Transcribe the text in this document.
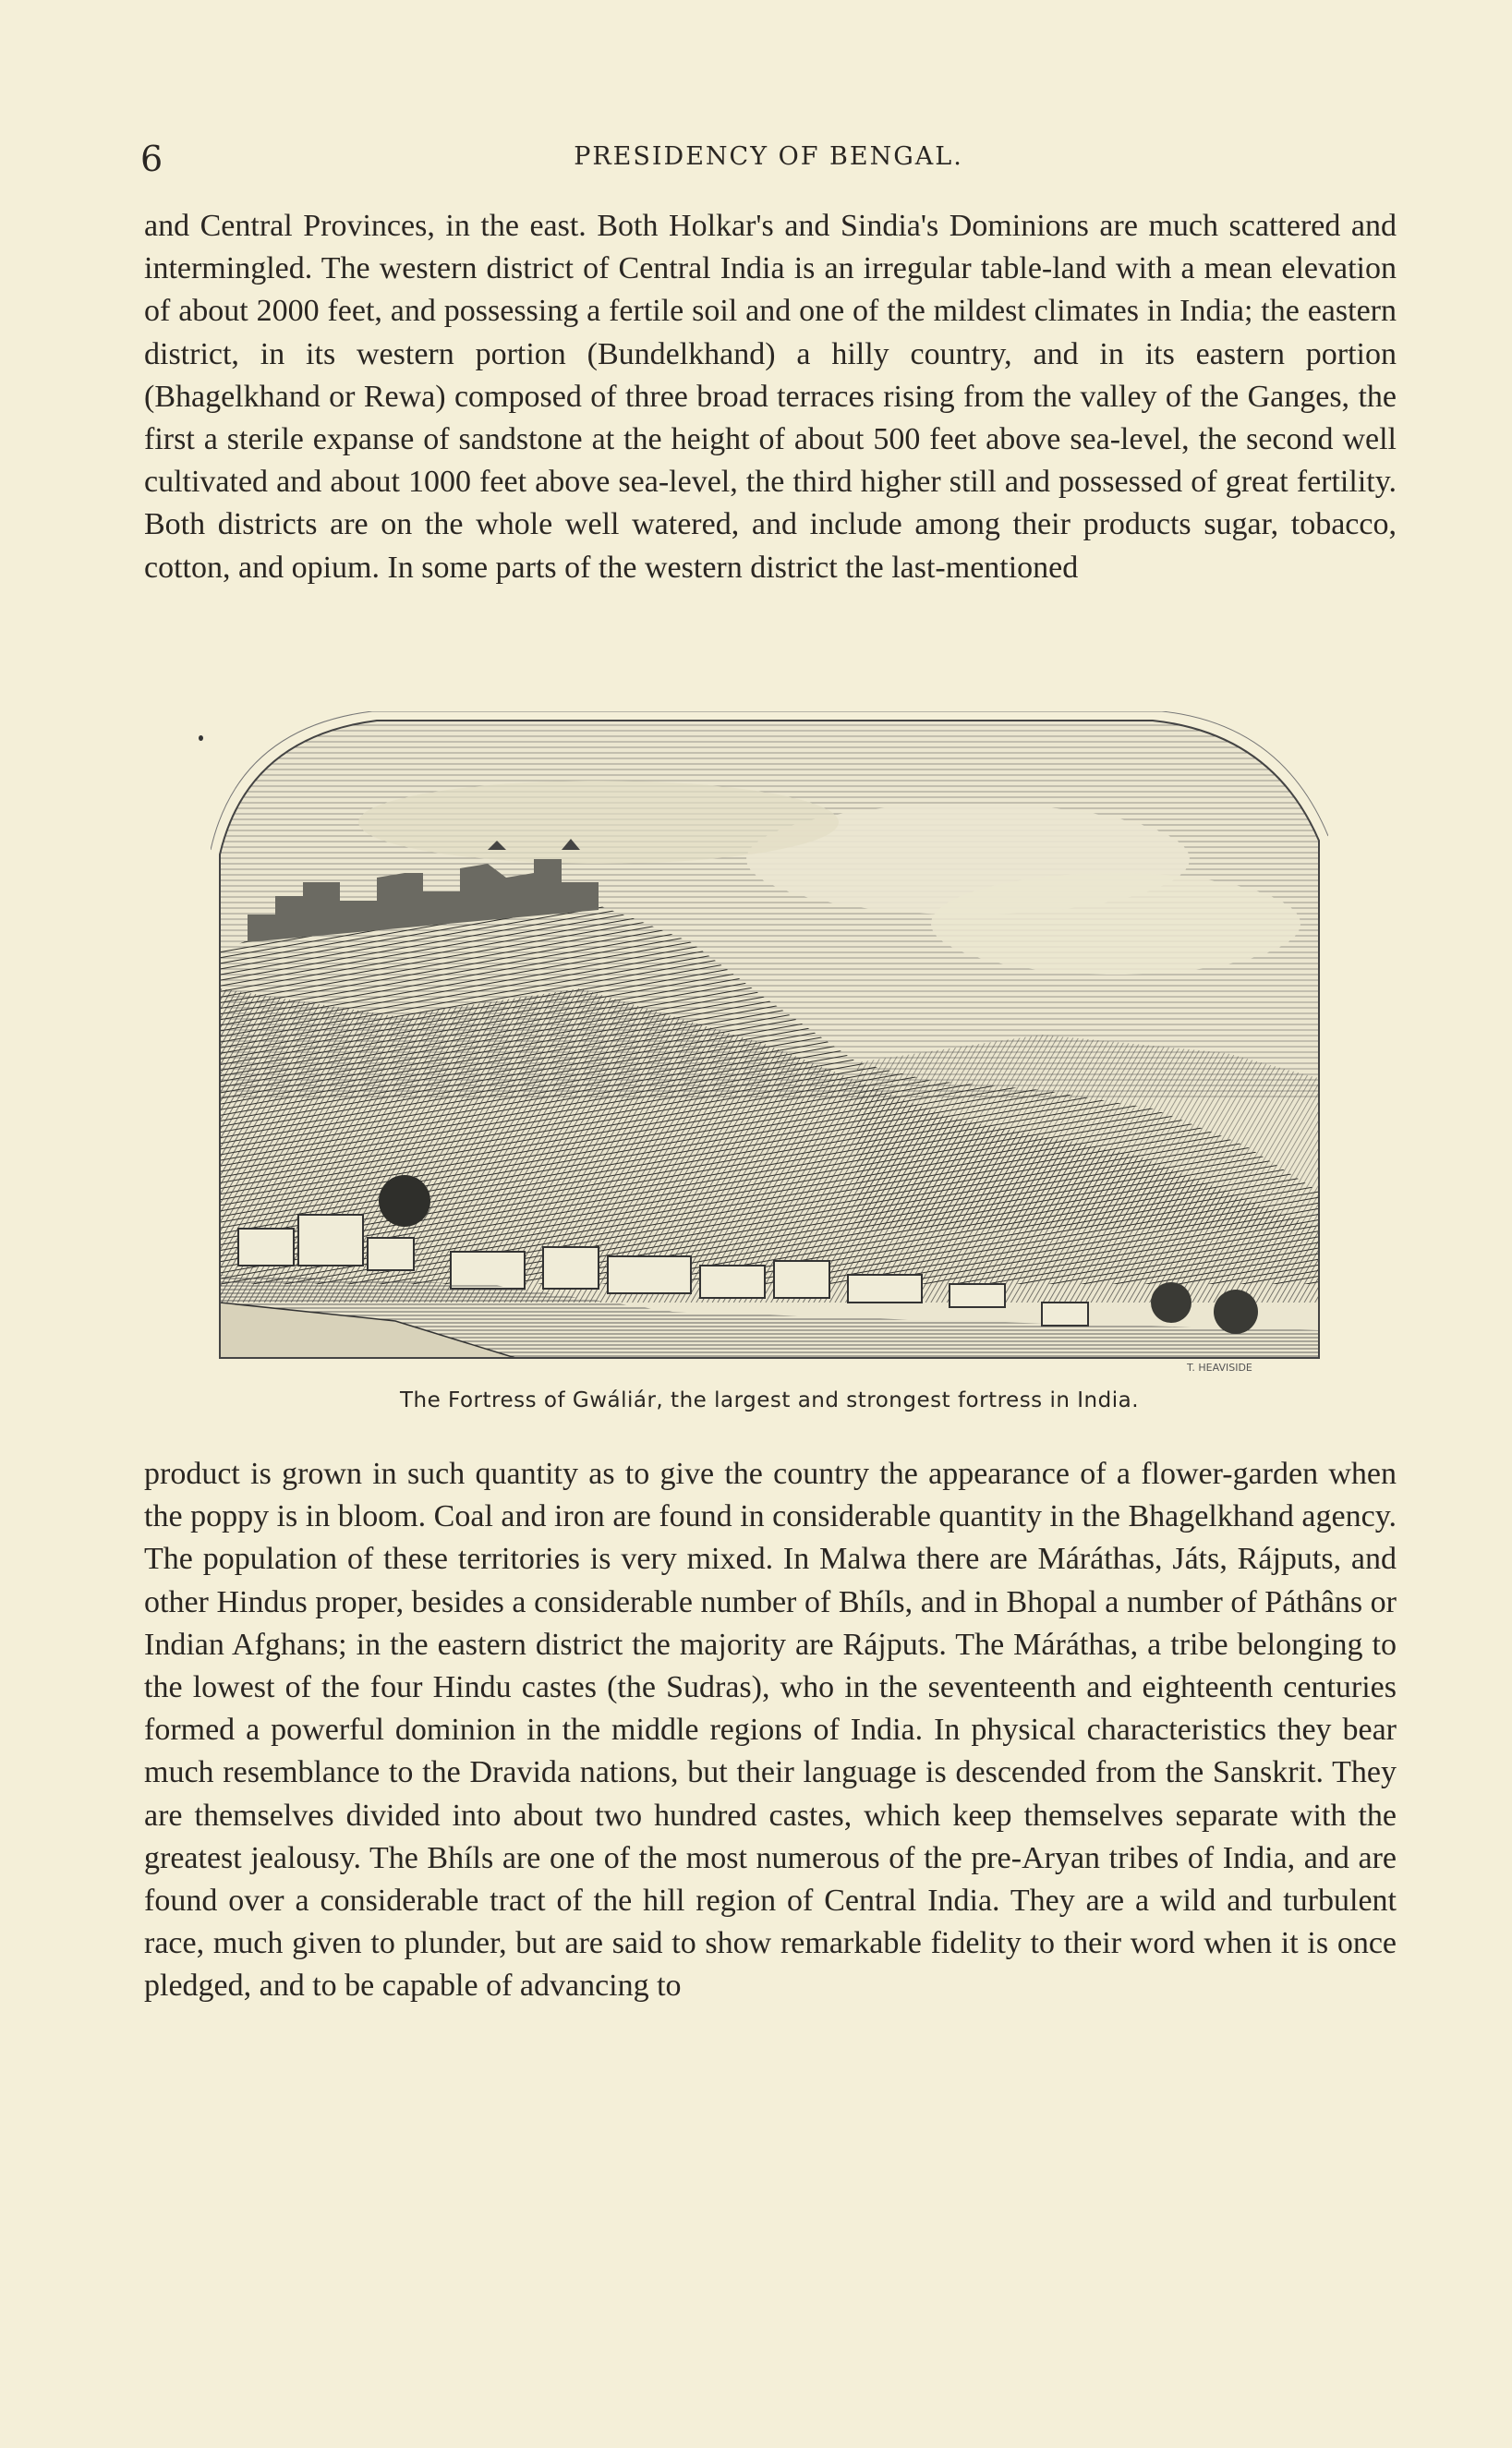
6	PRESIDENCY OF BENGAL.

and Central Provinces, in the east. Both Holkar's and Sindia's Dominions are much scattered and intermingled. The western district of Central India is an irregular table-land with a mean elevation of about 2000 feet, and possessing a fertile soil and one of the mildest climates in India; the eastern district, in its western portion (Bundelkhand) a hilly country, and in its eastern portion (Bhagelkhand or Rewa) composed of three broad terraces rising from the valley of the Ganges, the first a sterile expanse of sandstone at the height of about 500 feet above sea-level, the second well cultivated and about 1000 feet above sea-level, the third higher still and possessed of great fertility. Both districts are on the whole well watered, and include among their products sugar, tobacco, cotton, and opium. In some parts of the western district the last-mentioned

T. HEAVISIDE
The Fortress of Gwáliár, the largest and strongest fortress in India.

product is grown in such quantity as to give the country the appearance of a flower-garden when the poppy is in bloom. Coal and iron are found in considerable quantity in the Bhagelkhand agency. The population of these territories is very mixed. In Malwa there are Máráthas, Játs, Rájputs, and other Hindus proper, besides a considerable number of Bhíls, and in Bhopal a number of Páthâns or Indian Afghans; in the eastern district the majority are Rájputs. The Máráthas, a tribe belonging to the lowest of the four Hindu castes (the Sudras), who in the seventeenth and eighteenth centuries formed a powerful dominion in the middle regions of India. In physical characteristics they bear much resemblance to the Dravida nations, but their language is descended from the Sanskrit. They are themselves divided into about two hundred castes, which keep themselves separate with the greatest jealousy. The Bhíls are one of the most numerous of the pre-Aryan tribes of India, and are found over a considerable tract of the hill region of Central India. They are a wild and turbulent race, much given to plunder, but are said to show remarkable fidelity to their word when it is once pledged, and to be capable of advancing to
